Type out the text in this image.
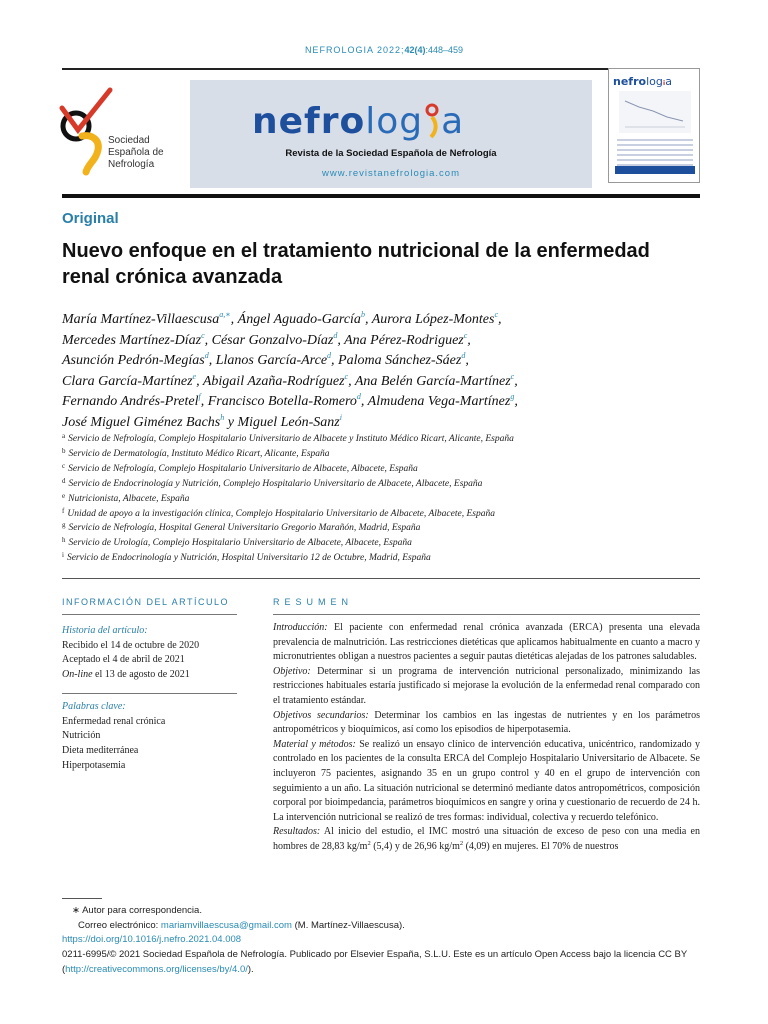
NEFROLOGIA 2022;42(4):448–459
Sociedad
Española de
Nefrología
nefrolog a
Revista de la Sociedad Española de Nefrología
www.revistanefrologia.com
nefrologᵢa
Original
Nuevo enfoque en el tratamiento nutricional de la enfermedad renal crónica avanzada
María Martínez-Villaescusa$^{a,∗}$, Ángel Aguado-García$^b$, Aurora López-Montes$^c$,
Mercedes Martínez-Díaz$^c$, César Gonzalvo-Díaz$^d$, Ana Pérez-Rodriguez$^c$,
Asunción Pedrón-Megías$^d$, Llanos García-Arce$^d$, Paloma Sánchez-Sáez$^d$,
Clara García-Martínez$^e$, Abigail Azaña-Rodríguez$^c$, Ana Belén García-Martínez$^c$,
Fernando Andrés-Pretel$^f$, Francisco Botella-Romero$^d$, Almudena Vega-Martínez$^g$,
José Miguel Giménez Bachs$^h$ y Miguel León-Sanz$^i$
$^a$ Servicio de Nefrología, Complejo Hospitalario Universitario de Albacete y Instituto Médico Ricart, Alicante, España
$^b$ Servicio de Dermatología, Instituto Médico Ricart, Alicante, España
$^c$ Servicio de Nefrología, Complejo Hospitalario Universitario de Albacete, Albacete, España
$^d$ Servicio de Endocrinología y Nutrición, Complejo Hospitalario Universitario de Albacete, Albacete, España
$^e$ Nutricionista, Albacete, España
$^f$ Unidad de apoyo a la investigación clínica, Complejo Hospitalario Universitario de Albacete, Albacete, España
$^g$ Servicio de Nefrología, Hospital General Universitario Gregorio Marañón, Madrid, España
$^h$ Servicio de Urología, Complejo Hospitalario Universitario de Albacete, Albacete, España
$^i$ Servicio de Endocrinología y Nutrición, Hospital Universitario 12 de Octubre, Madrid, España
INFORMACIÓN DEL ARTÍCULO
Historia del artículo:
Recibido el 14 de octubre de 2020
Aceptado el 4 de abril de 2021
On-line el 13 de agosto de 2021
Palabras clave:
Enfermedad renal crónica
Nutrición
Dieta mediterránea
Hiperpotasemia
RESUMEN

Introducción: El paciente con enfermedad renal crónica avanzada (ERCA) presenta una elevada prevalencia de malnutrición. Las restricciones dietéticas que aplicamos habitualmente en cuanto a macro y micronutrientes obligan a nuestros pacientes a seguir pautas dietéticas alejadas de los patrones saludables.

Objetivo: Determinar si un programa de intervención nutricional personalizado, minimizando las restricciones habituales estaría justificado si mejorase la evolución de la enfermedad renal comparado con el tratamiento estándar.

Objetivos secundarios: Determinar los cambios en las ingestas de nutrientes y en los parámetros antropométricos y bioquímicos, así como los episodios de hiperpotasemia.

Material y métodos: Se realizó un ensayo clínico de intervención educativa, unicéntrico, randomizado y controlado en los pacientes de la consulta ERCA del Complejo Hospitalario Universitario de Albacete. Se incluyeron 75 pacientes, asignando 35 en un grupo control y 40 en el grupo de intervención con seguimiento a un año. La situación nutricional se determinó mediante datos antropométricos, composición corporal por bioimpedancia, parámetros bioquímicos en sangre y orina y cuestionario de recuerdo de 24 h. La intervención nutricional se realizó de tres formas: individual, colectiva y recuerdo telefónico.

Resultados: Al inicio del estudio, el IMC mostró una situación de exceso de peso con una media en hombres de 28,83 $kg/m^2$ (5,4) y de 26,96 $kg/m^2$ (4,09) en mujeres. El 70% de nuestros

∗ Autor para correspondencia.
Correo electrónico: mariamvillaescusa@gmail.com (M. Martínez-Villaescusa).
https://doi.org/10.1016/j.nefro.2021.04.008
0211-6995/© 2021 Sociedad Española de Nefrología. Publicado por Elsevier España, S.L.U. Este es un artículo Open Access bajo la licencia CC BY (http://creativecommons.org/licenses/by/4.0/).
